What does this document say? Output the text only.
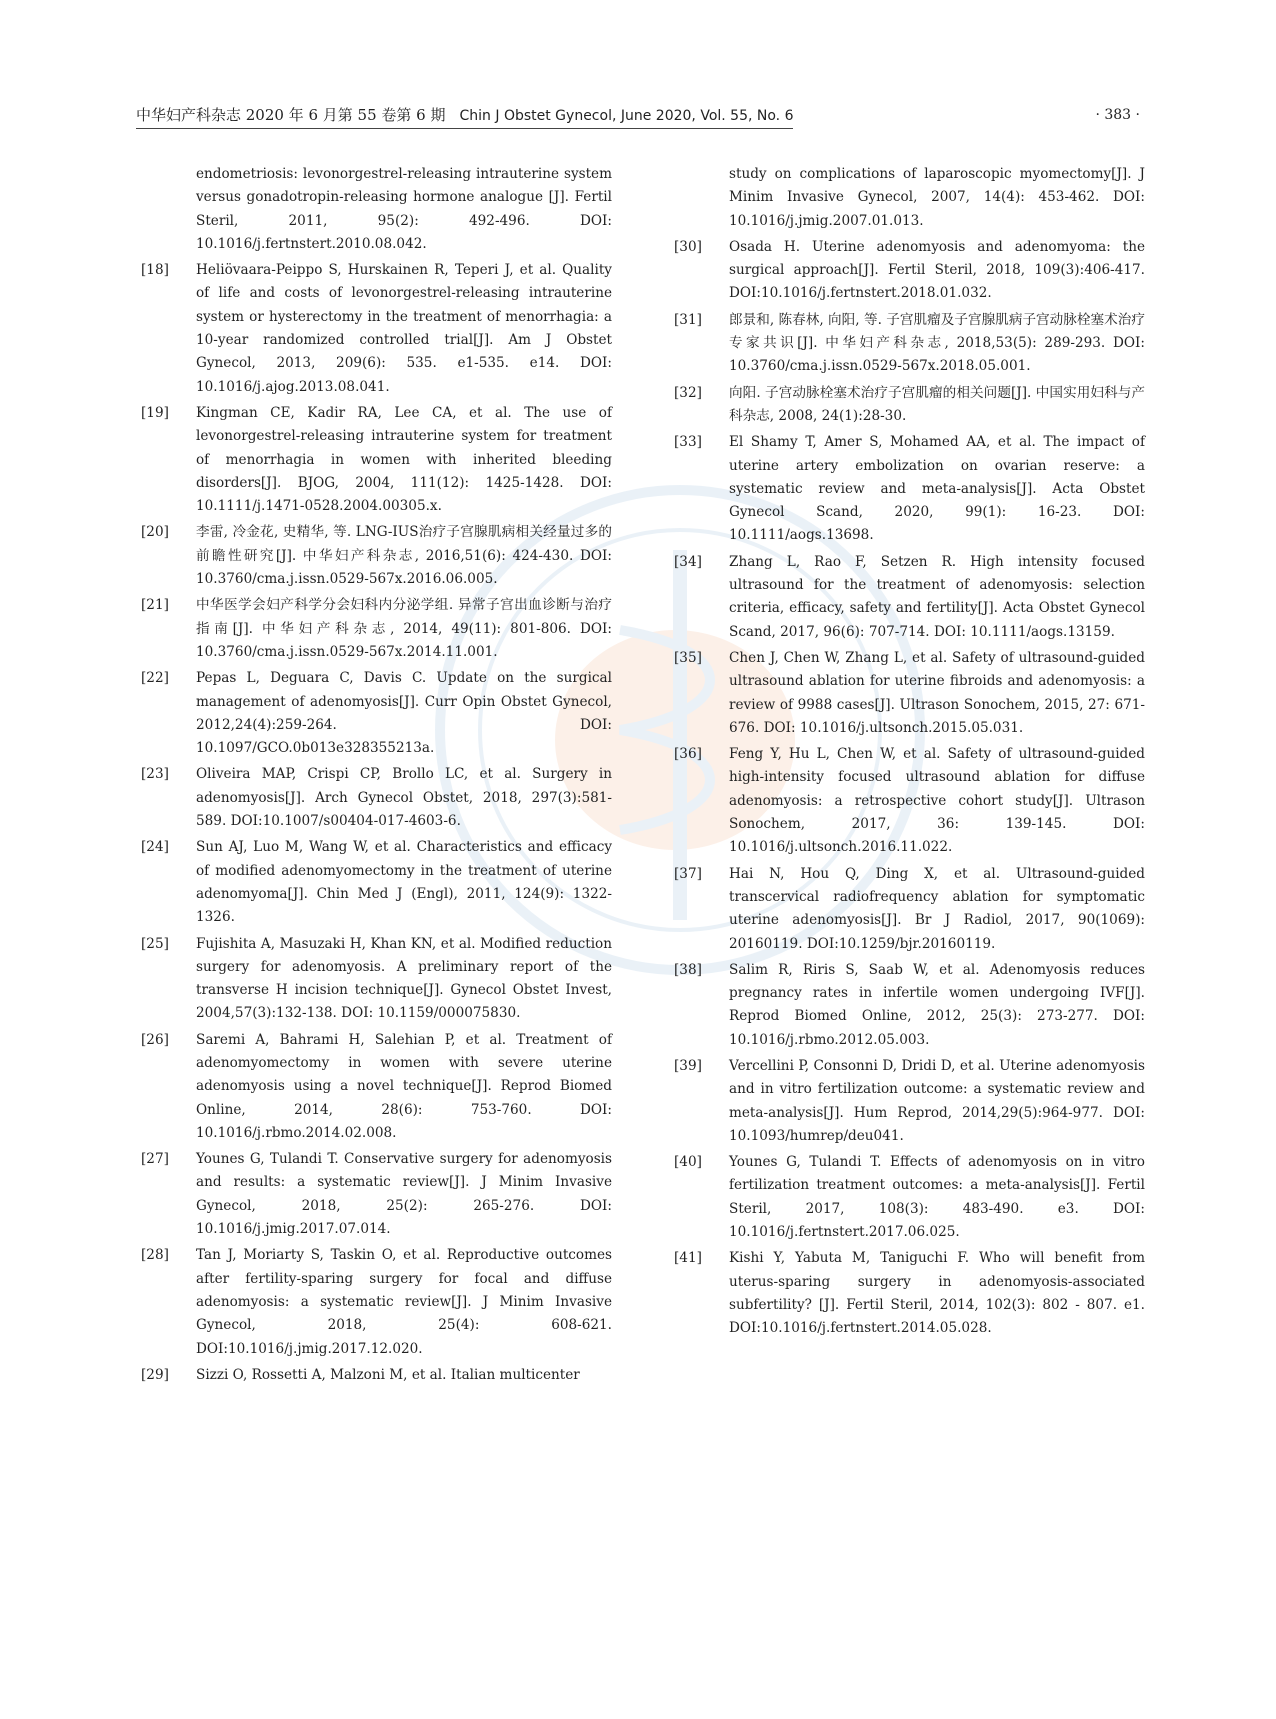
中华妇产科杂志 2020 年 6 月第 55 卷第 6 期 Chin J Obstet Gynecol, June 2020, Vol. 55, No. 6	· 383 ·
endometriosis: levonorgestrel-releasing intrauterine system versus gonadotropin-releasing hormone analogue [J]. Fertil Steril, 2011, 95(2): 492-496. DOI: 10.1016/j.fertnstert.2010.08.042.
[18] Heliövaara-Peippo S, Hurskainen R, Teperi J, et al. Quality of life and costs of levonorgestrel-releasing intrauterine system or hysterectomy in the treatment of menorrhagia: a 10-year randomized controlled trial[J]. Am J Obstet Gynecol, 2013, 209(6): 535. e1-535. e14. DOI: 10.1016/j.ajog.2013.08.041.
[19] Kingman CE, Kadir RA, Lee CA, et al. The use of levonorgestrel-releasing intrauterine system for treatment of menorrhagia in women with inherited bleeding disorders[J]. BJOG, 2004, 111(12): 1425-1428. DOI: 10.1111/j.1471-0528.2004.00305.x.
[20] 李雷, 冷金花, 史精华, 等. LNG-IUS治疗子宫腺肌病相关经量过多的前瞻性研究[J]. 中华妇产科杂志, 2016,51(6): 424-430. DOI: 10.3760/cma.j.issn.0529-567x.2016.06.005.
[21] 中华医学会妇产科学分会妇科内分泌学组. 异常子宫出血诊断与治疗指南[J]. 中华妇产科杂志, 2014, 49(11): 801-806. DOI: 10.3760/cma.j.issn.0529-567x.2014.11.001.
[22] Pepas L, Deguara C, Davis C. Update on the surgical management of adenomyosis[J]. Curr Opin Obstet Gynecol, 2012,24(4):259-264. DOI: 10.1097/GCO.0b013e328355213a.
[23] Oliveira MAP, Crispi CP, Brollo LC, et al. Surgery in adenomyosis[J]. Arch Gynecol Obstet, 2018, 297(3):581-589. DOI:10.1007/s00404-017-4603-6.
[24] Sun AJ, Luo M, Wang W, et al. Characteristics and efficacy of modified adenomyomectomy in the treatment of uterine adenomyoma[J]. Chin Med J (Engl), 2011, 124(9): 1322-1326.
[25] Fujishita A, Masuzaki H, Khan KN, et al. Modified reduction surgery for adenomyosis. A preliminary report of the transverse H incision technique[J]. Gynecol Obstet Invest, 2004,57(3):132-138. DOI: 10.1159/000075830.
[26] Saremi A, Bahrami H, Salehian P, et al. Treatment of adenomyomectomy in women with severe uterine adenomyosis using a novel technique[J]. Reprod Biomed Online, 2014, 28(6): 753-760. DOI: 10.1016/j.rbmo.2014.02.008.
[27] Younes G, Tulandi T. Conservative surgery for adenomyosis and results: a systematic review[J]. J Minim Invasive Gynecol, 2018, 25(2): 265-276. DOI: 10.1016/j.jmig.2017.07.014.
[28] Tan J, Moriarty S, Taskin O, et al. Reproductive outcomes after fertility-sparing surgery for focal and diffuse adenomyosis: a systematic review[J]. J Minim Invasive Gynecol, 2018, 25(4): 608-621. DOI:10.1016/j.jmig.2017.12.020.
[29] Sizzi O, Rossetti A, Malzoni M, et al. Italian multicenter
study on complications of laparoscopic myomectomy[J]. J Minim Invasive Gynecol, 2007, 14(4): 453-462. DOI: 10.1016/j.jmig.2007.01.013.
[30] Osada H. Uterine adenomyosis and adenomyoma: the surgical approach[J]. Fertil Steril, 2018, 109(3):406-417. DOI:10.1016/j.fertnstert.2018.01.032.
[31] 郎景和, 陈春林, 向阳, 等. 子宫肌瘤及子宫腺肌病子宫动脉栓塞术治疗专家共识[J]. 中华妇产科杂志, 2018,53(5): 289-293. DOI: 10.3760/cma.j.issn.0529-567x.2018.05.001.
[32] 向阳. 子宫动脉栓塞术治疗子宫肌瘤的相关问题[J]. 中国实用妇科与产科杂志, 2008, 24(1):28-30.
[33] El Shamy T, Amer S, Mohamed AA, et al. The impact of uterine artery embolization on ovarian reserve: a systematic review and meta-analysis[J]. Acta Obstet Gynecol Scand, 2020, 99(1): 16-23. DOI: 10.1111/aogs.13698.
[34] Zhang L, Rao F, Setzen R. High intensity focused ultrasound for the treatment of adenomyosis: selection criteria, efficacy, safety and fertility[J]. Acta Obstet Gynecol Scand, 2017, 96(6): 707-714. DOI: 10.1111/aogs.13159.
[35] Chen J, Chen W, Zhang L, et al. Safety of ultrasound-guided ultrasound ablation for uterine fibroids and adenomyosis: a review of 9988 cases[J]. Ultrason Sonochem, 2015, 27: 671-676. DOI: 10.1016/j.ultsonch.2015.05.031.
[36] Feng Y, Hu L, Chen W, et al. Safety of ultrasound-guided high-intensity focused ultrasound ablation for diffuse adenomyosis: a retrospective cohort study[J]. Ultrason Sonochem, 2017, 36: 139-145. DOI: 10.1016/j.ultsonch.2016.11.022.
[37] Hai N, Hou Q, Ding X, et al. Ultrasound-guided transcervical radiofrequency ablation for symptomatic uterine adenomyosis[J]. Br J Radiol, 2017, 90(1069): 20160119. DOI:10.1259/bjr.20160119.
[38] Salim R, Riris S, Saab W, et al. Adenomyosis reduces pregnancy rates in infertile women undergoing IVF[J]. Reprod Biomed Online, 2012, 25(3): 273-277. DOI: 10.1016/j.rbmo.2012.05.003.
[39] Vercellini P, Consonni D, Dridi D, et al. Uterine adenomyosis and in vitro fertilization outcome: a systematic review and meta-analysis[J]. Hum Reprod, 2014,29(5):964-977. DOI: 10.1093/humrep/deu041.
[40] Younes G, Tulandi T. Effects of adenomyosis on in vitro fertilization treatment outcomes: a meta-analysis[J]. Fertil Steril, 2017, 108(3): 483-490. e3. DOI: 10.1016/j.fertnstert.2017.06.025.
[41] Kishi Y, Yabuta M, Taniguchi F. Who will benefit from uterus-sparing surgery in adenomyosis-associated subfertility? [J]. Fertil Steril, 2014, 102(3): 802 - 807. e1. DOI:10.1016/j.fertnstert.2014.05.028.
